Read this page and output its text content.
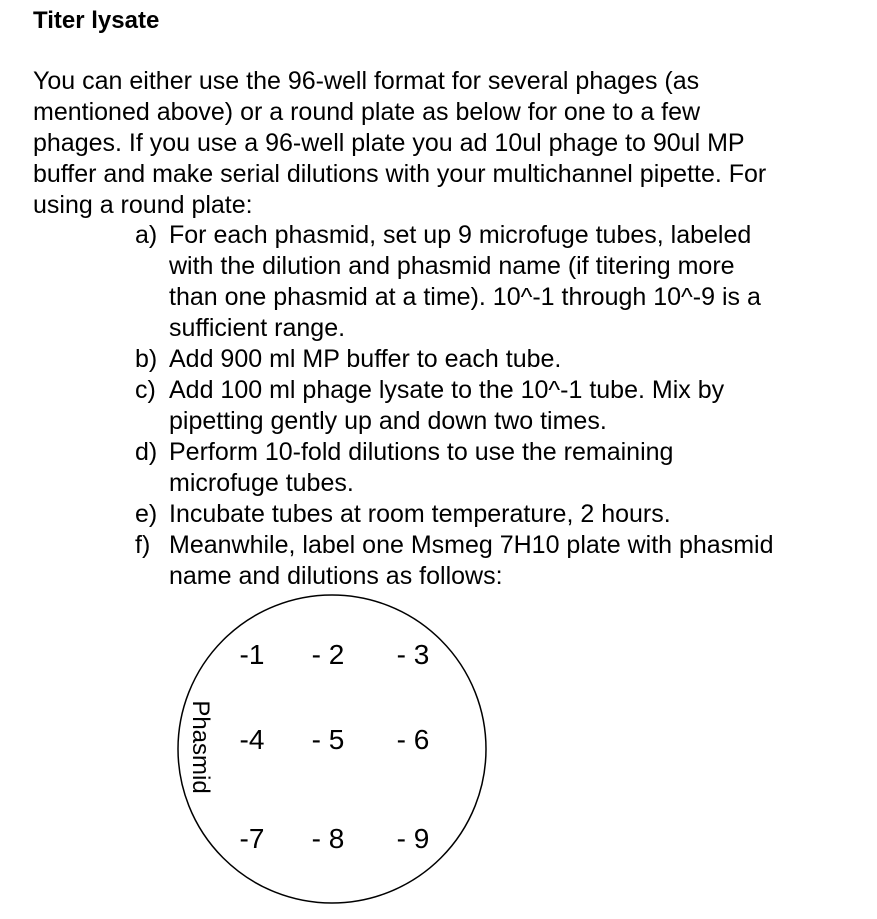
Titer lysate

You can either use the 96-well format for several phages (as
mentioned above) or a round plate as below for one to a few
phages. If you use a 96-well plate you ad 10ul phage to 90ul MP
buffer and make serial dilutions with your multichannel pipette. For
using a round plate:

a) For each phasmid, set up 9 microfuge tubes, labeled
with the dilution and phasmid name (if titering more
than one phasmid at a time). 10^-1 through 10^-9 is a
sufficient range.
b) Add 900 ml MP buffer to each tube.
c) Add 100 ml phage lysate to the 10^-1 tube. Mix by
pipetting gently up and down two times.
d) Perform 10-fold dilutions to use the remaining
microfuge tubes.
e) Incubate tubes at room temperature, 2 hours.
f) Meanwhile, label one Msmeg 7H10 plate with phasmid
name and dilutions as follows:
Phasmid
-1 - 2 - 3
-4 - 5 - 6
-7 - 8 - 9
